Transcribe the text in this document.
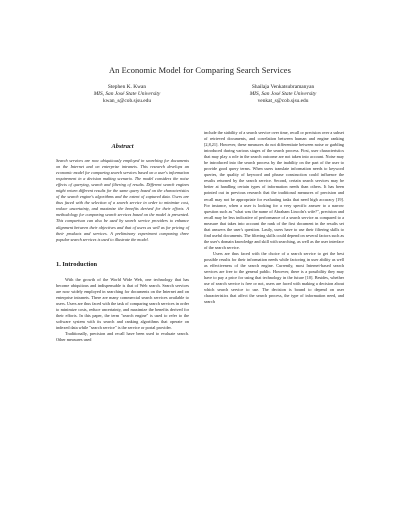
An Economic Model for Comparing Search Services
Stephen K. Kwan
MIS, San José State University
kwan_s@cob.sjsu.edu
Shailaja Venkatsubramanyan
MIS, San José State University
venkat_s@cob.sjsu.edu
Abstract

Search services are now ubiquitously employed in searching for documents on the Internet and on enterprise intranets. This research develops an economic model for comparing search services based on a user's information requirement in a decision making scenario. The model considers the noise effects of querying, search and filtering of results. Different search engines might return different results for the same query based on the characteristics of the search engine's algorithms and the extent of captured data. Users are thus faced with the selection of a search service in order to minimize cost, reduce uncertainty, and maximize the benefits derived for their efforts. A methodology for comparing search services based on the model is presented. This comparison can also be used by search service providers to enhance alignment between their objectives and that of users as well as for pricing of their products and services. A preliminary experiment comparing three popular search services is used to illustrate the model.

1. Introduction

With the growth of the World Wide Web, one technology that has become ubiquitous and indispensable is that of Web search. Search services are now widely employed in searching for documents on the Internet and on enterprise intranets. There are many commercial search services available to users. Users are thus faced with the task of comparing search services in order to minimize costs, reduce uncertainty, and maximize the benefits derived for their efforts. In this paper, the term "search engine" is used to refer to the software system with its search and ranking algorithms that operate on indexed data while "search service" is the service or portal provider.

Traditionally, precision and recall have been used to evaluate search. Other measures used

include the stability of a search service over time, recall or precision over a subset of retrieved documents, and correlation between human and engine ranking [2,8,21]. However, these measures do not differentiate between noise or garbling introduced during various stages of the search process. First, user characteristics that may play a role in the search outcome are not taken into account. Noise may be introduced into the search process by the inability on the part of the user to provide good query terms. When users translate information needs to keyword queries, the quality of keyword and phrase construction could influence the results returned by the search service. Second, certain search services may be better at handling certain types of information needs than others. It has been pointed out in previous research that the traditional measures of precision and recall may not be appropriate for evaluating tasks that need high accuracy [19]. For instance, when a user is looking for a very specific answer to a narrow question such as "what was the name of Abraham Lincoln's wife?", precision and recall may be less indicative of performance of a search service as compared to a measure that takes into account the rank of the first document in the results set that answers the user's question. Lastly, users have to use their filtering skills to find useful documents. The filtering skills could depend on several factors such as the user's domain knowledge and skill with searching, as well as the user interface of the search service.

Users are thus faced with the choice of a search service to get the best possible results for their information needs while factoring in user ability as well as effectiveness of the search engine. Currently, most Internet-based search services are free to the general public. However, there is a possibility they may have to pay a price for using that technology in the future [10]. Besides, whether use of search service is free or not, users are faced with making a decision about which search service to use. The decision is bound to depend on user characteristics that affect the search process, the type of information need, and search
